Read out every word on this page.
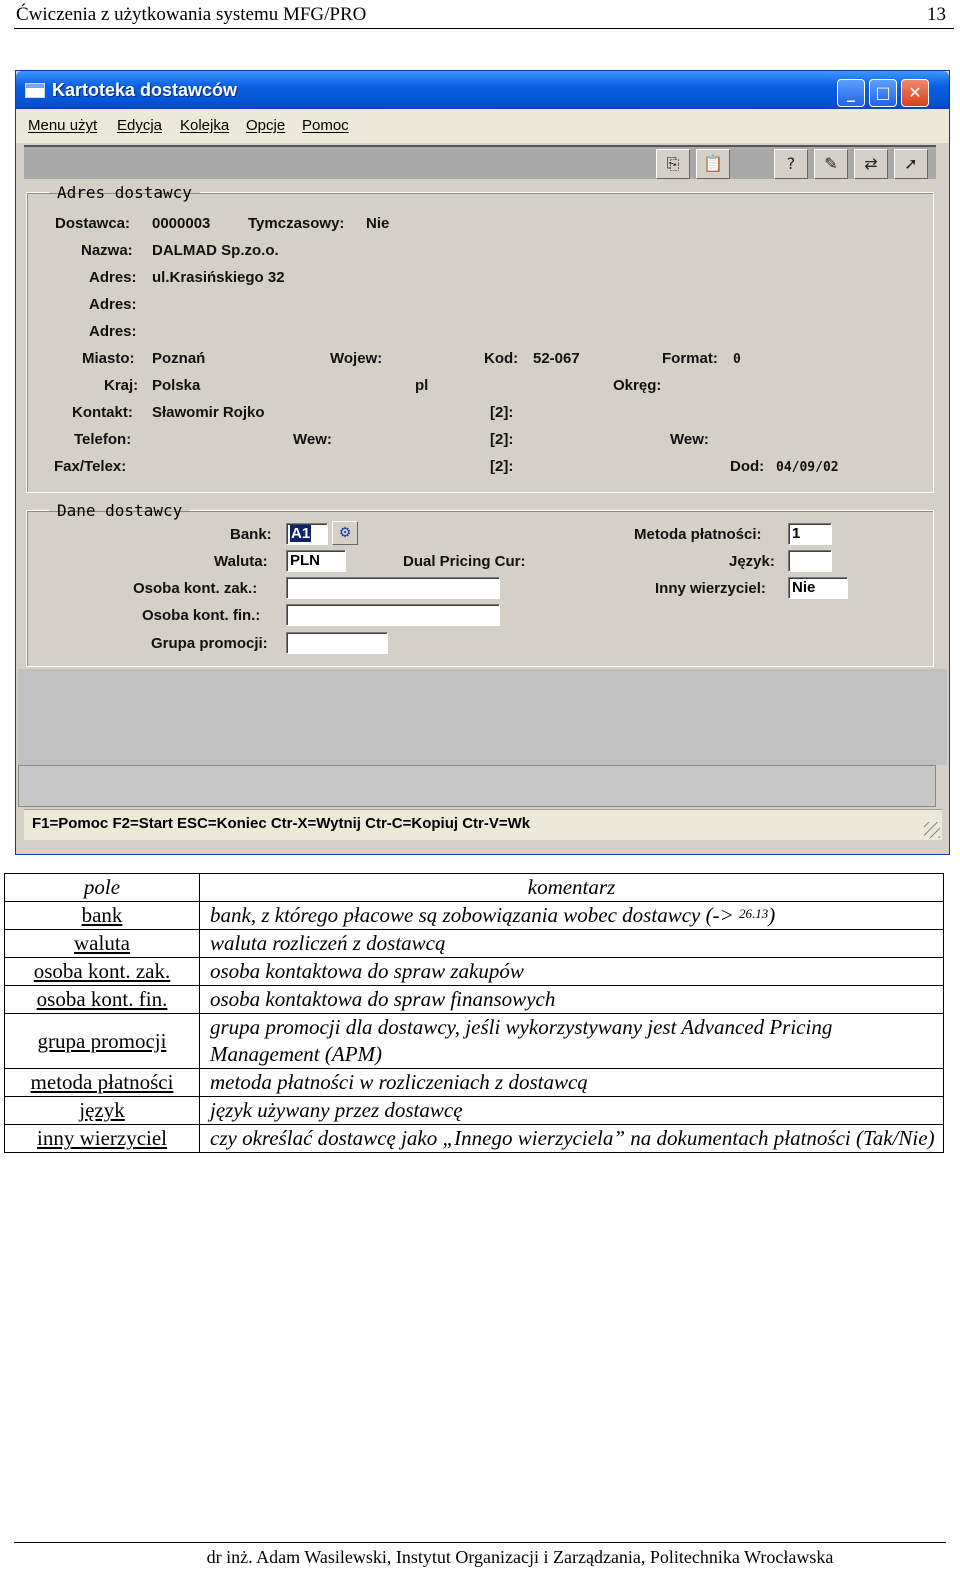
Ćwiczenia z użytkowania systemu MFG/PRO	13
Kartoteka dostawców	_	□	✕
Menu użyt Edycja Kolejka Opcje Pomoc
⎘	📋	?	✎	⇄	➚
Adres dostawcy
Dostawca: 0000003	Tymczasowy: Nie
Nazwa: DALMAD Sp.zo.o.
Adres: ul.Krasińskiego 32
Adres:
Adres:
Miasto: Poznań	Wojew:	Kod: 52-067	Format: 0
Kraj: Polska	pl	Okręg:
Kontakt: Sławomir Rojko	[2]:
Telefon:	Wew:	[2]:	Wew:
Fax/Telex:	[2]:	Dod: 04/09/02
Dane dostawcy
Bank:	A1	⚙
Waluta: PLN	Dual Pricing Cur:
Osoba kont. zak.:
Osoba kont. fin.:
Grupa promocji:
Metoda płatności: 1
Język:
Inny wierzyciel: Nie
F1=Pomoc F2=Start ESC=Koniec Ctr-X=Wytnij Ctr-C=Kopiuj Ctr-V=Wk
pole	komentarz
bank	bank, z którego płacowe są zobowiązania wobec dostawcy (-> $^{26.13}$)
waluta	waluta rozliczeń z dostawcą
osoba kont. zak.	osoba kontaktowa do spraw zakupów
osoba kont. fin.	osoba kontaktowa do spraw finansowych
grupa promocji	grupa promocji dla dostawcy, jeśli wykorzystywany jest Advanced Pricing Management (APM)
metoda płatności	metoda płatności w rozliczeniach z dostawcą
język	język używany przez dostawcę
inny wierzyciel	czy określać dostawcę jako „Innego wierzyciela” na dokumentach płatności (Tak/Nie)
dr inż. Adam Wasilewski, Instytut Organizacji i Zarządzania, Politechnika Wrocławska
